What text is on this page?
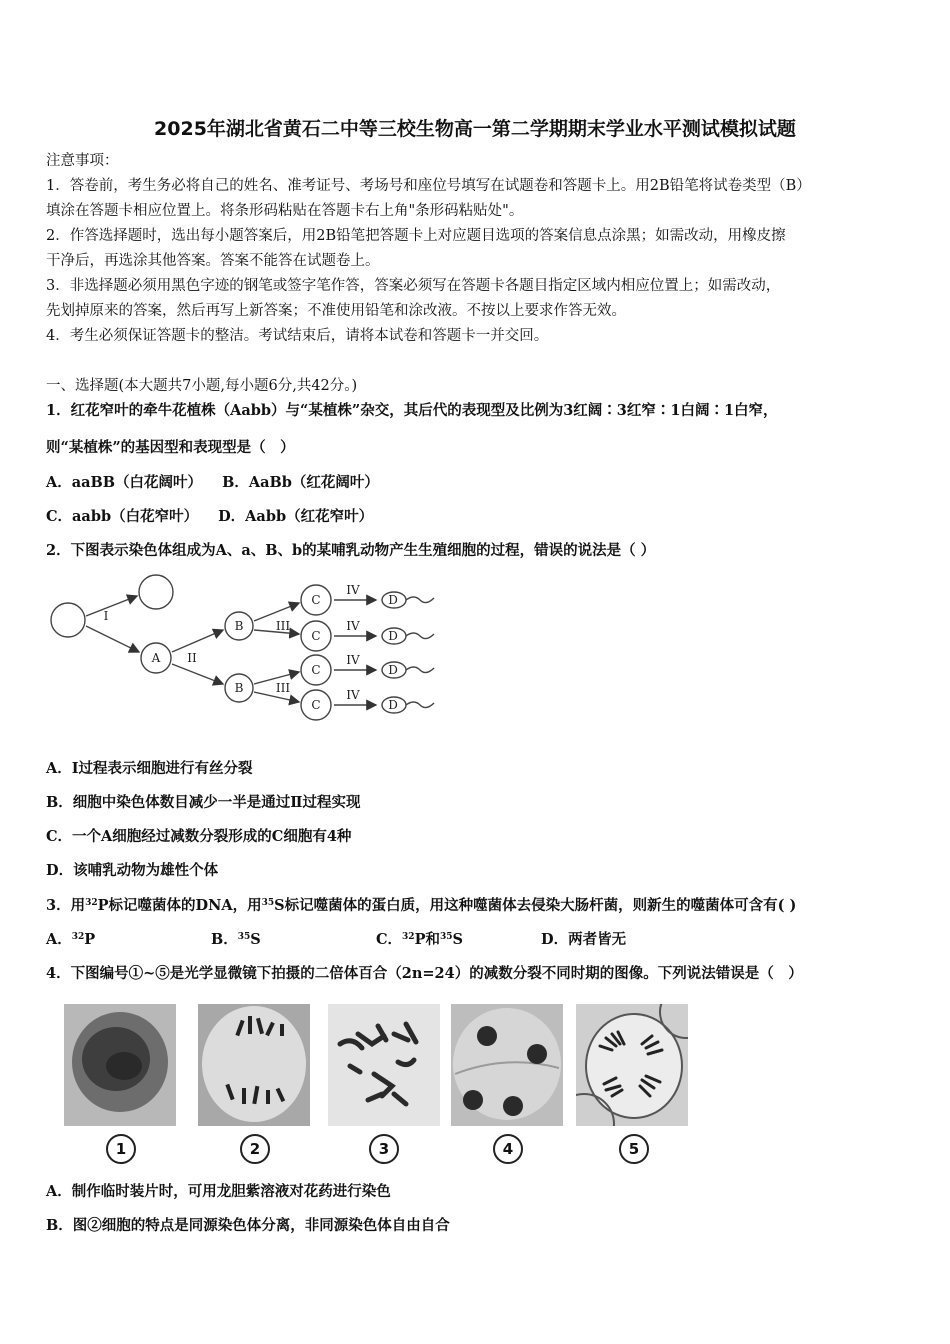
2025年湖北省黄石二中等三校生物高一第二学期期末学业水平测试模拟试题
注意事项：
1．答卷前，考生务必将自己的姓名、准考证号、考场号和座位号填写在试题卷和答题卡上。用2B铅笔将试卷类型（B）
填涂在答题卡相应位置上。将条形码粘贴在答题卡右上角"条形码粘贴处"。
2．作答选择题时，选出每小题答案后，用2B铅笔把答题卡上对应题目选项的答案信息点涂黑；如需改动，用橡皮擦
干净后，再选涂其他答案。答案不能答在试题卷上。
3．非选择题必须用黑色字迹的钢笔或签字笔作答，答案必须写在答题卡各题目指定区域内相应位置上；如需改动，
先划掉原来的答案，然后再写上新答案；不准使用铅笔和涂改液。不按以上要求作答无效。
4．考生必须保证答题卡的整洁。考试结束后，请将本试卷和答题卡一并交回。
一、选择题(本大题共7小题,每小题6分,共42分。)
1．红花窄叶的牵牛花植株（Aabb）与“某植株”杂交，其后代的表现型及比例为3红阔∶3红窄∶1白阔∶1白窄，
则“某植株”的基因型和表现型是（　）
A．aaBB（白花阔叶） B．AaBb（红花阔叶）
C．aabb（白花窄叶） D．Aabb（红花窄叶）
2．下图表示染色体组成为A、a、B、b的某哺乳动物产生生殖细胞的过程，错误的说法是（ ）
I
II
III
III
IV
IV
IV
IV
A
B
B
C
C
C
C
D
D
D
D
A．Ⅰ过程表示细胞进行有丝分裂
B．细胞中染色体数目减少一半是通过Ⅱ过程实现
C．一个A细胞经过减数分裂形成的C细胞有4种
D．该哺乳动物为雄性个体
3．用$^{32}$P标记噬菌体的DNA，用$^{35}$S标记噬菌体的蛋白质，用这种噬菌体去侵染大肠杆菌，则新生的噬菌体可含有( )
A．$^{32}$P	B．$^{35}$S	C．$^{32}$P和$^{35}$S	D．两者皆无
4．下图编号①~⑤是光学显微镜下拍摄的二倍体百合（2n=24）的减数分裂不同时期的图像。下列说法错误是（　）
1	2	3	4	5
A．制作临时装片时，可用龙胆紫溶液对花药进行染色
B．图②细胞的特点是同源染色体分离，非同源染色体自由自合
